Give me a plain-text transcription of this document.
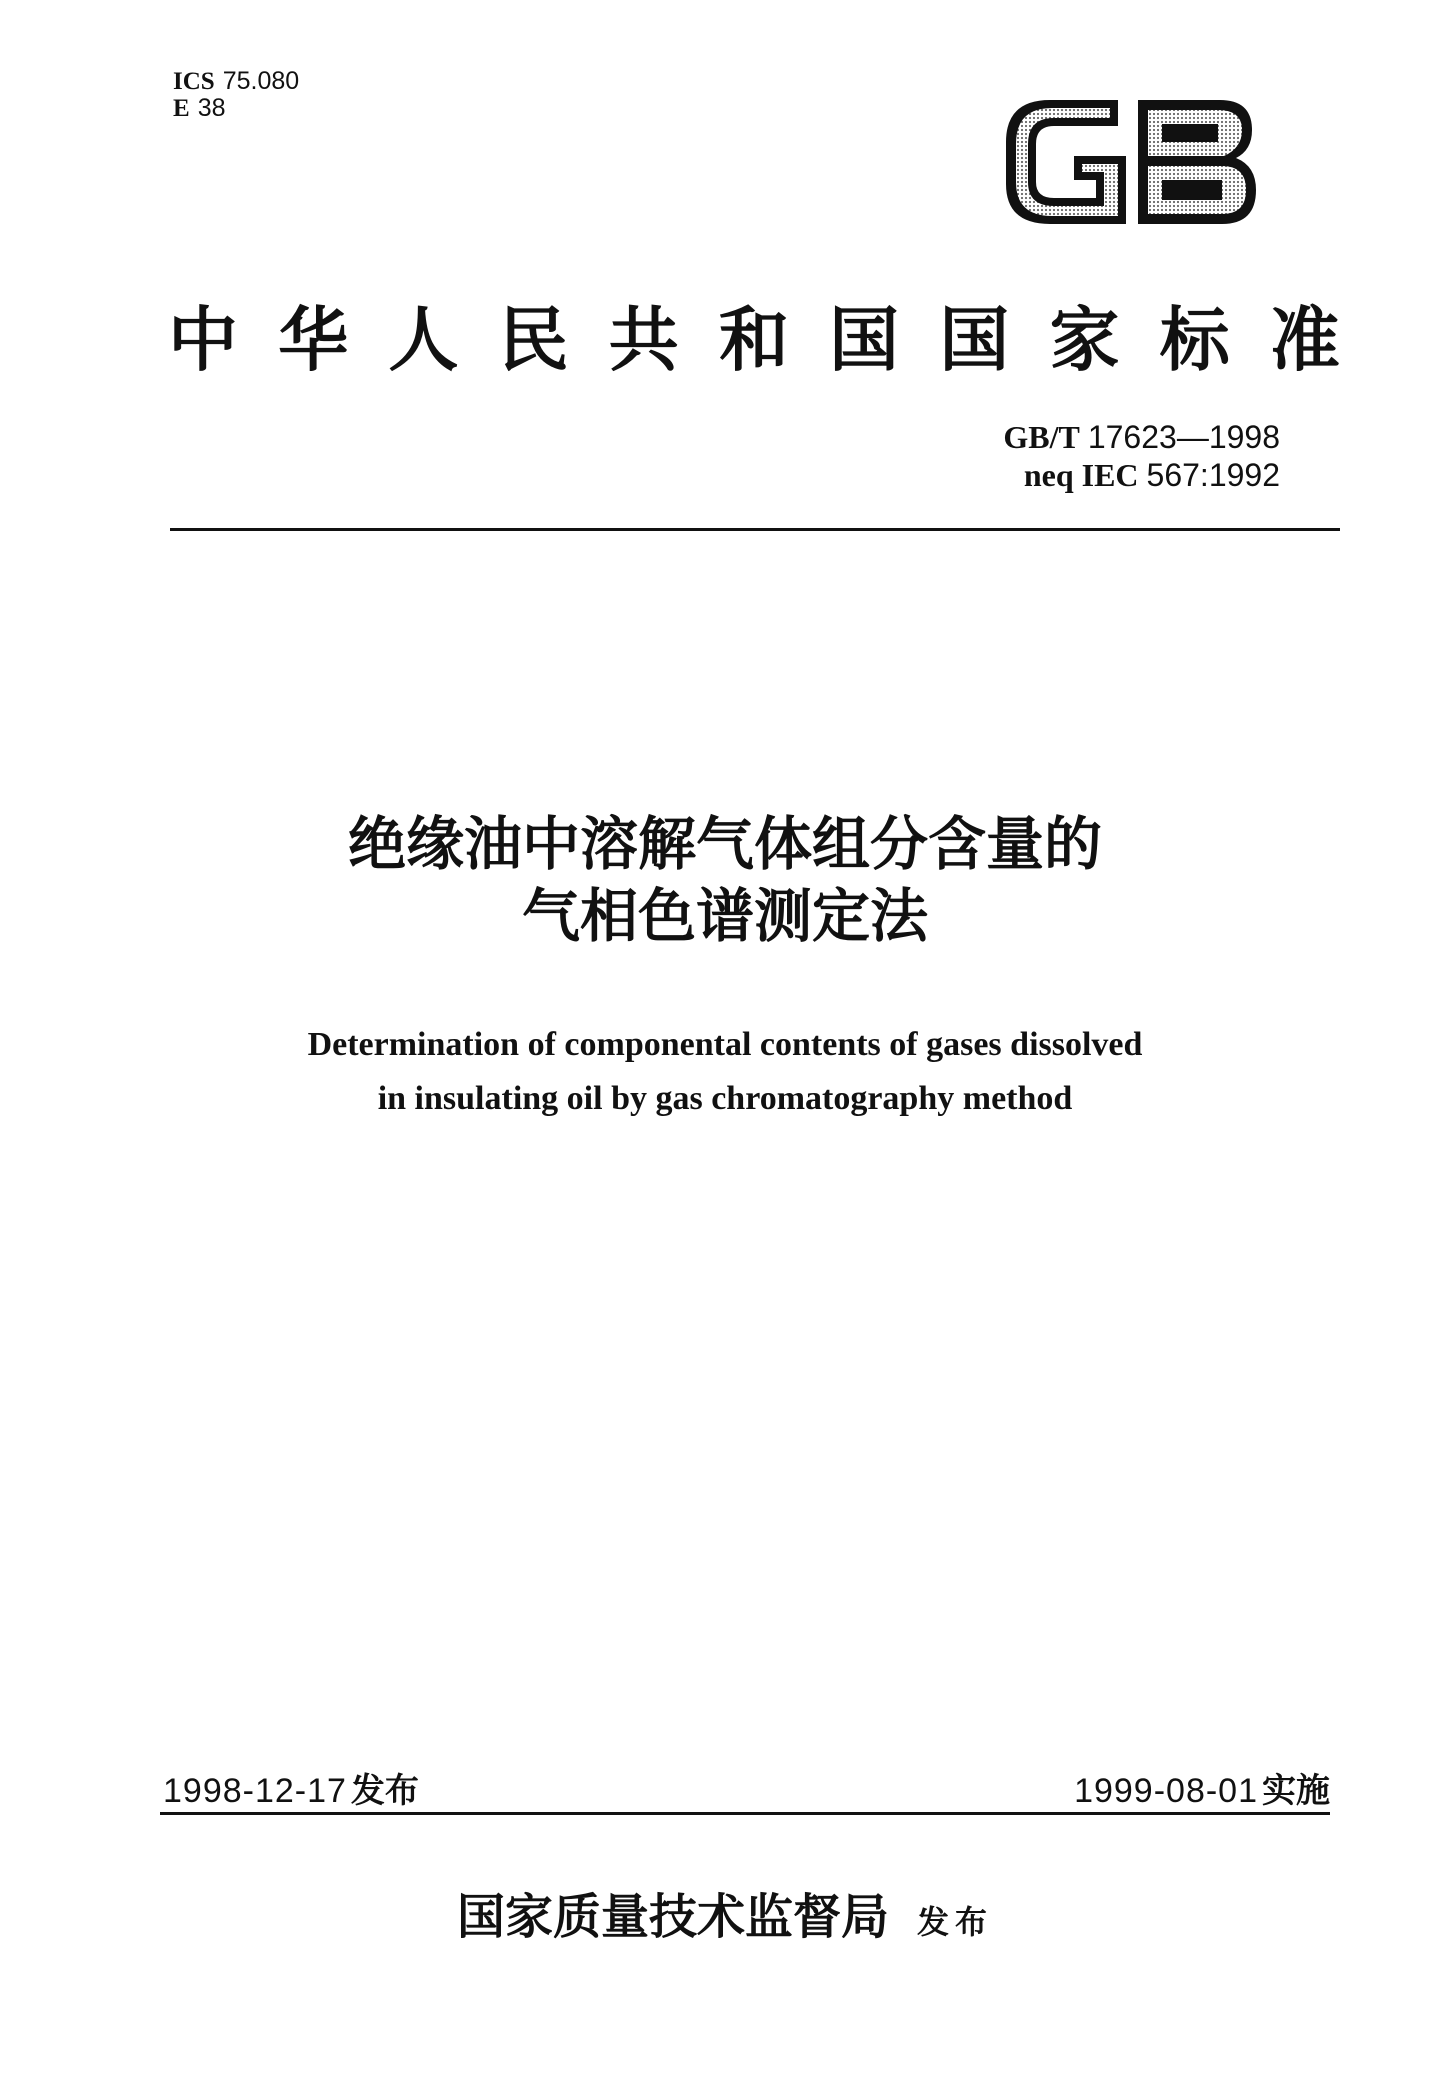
ICS 75.080
E 38
中 华 人 民 共 和 国 国 家 标 准
GB/T 17623—1998
neq IEC 567:1992
绝缘油中溶解气体组分含量的
气相色谱测定法
Determination of componental contents of gases dissolved
in insulating oil by gas chromatography method
1998-12-17 发布	1999-08-01 实施
国家质量技术监督局 发布
